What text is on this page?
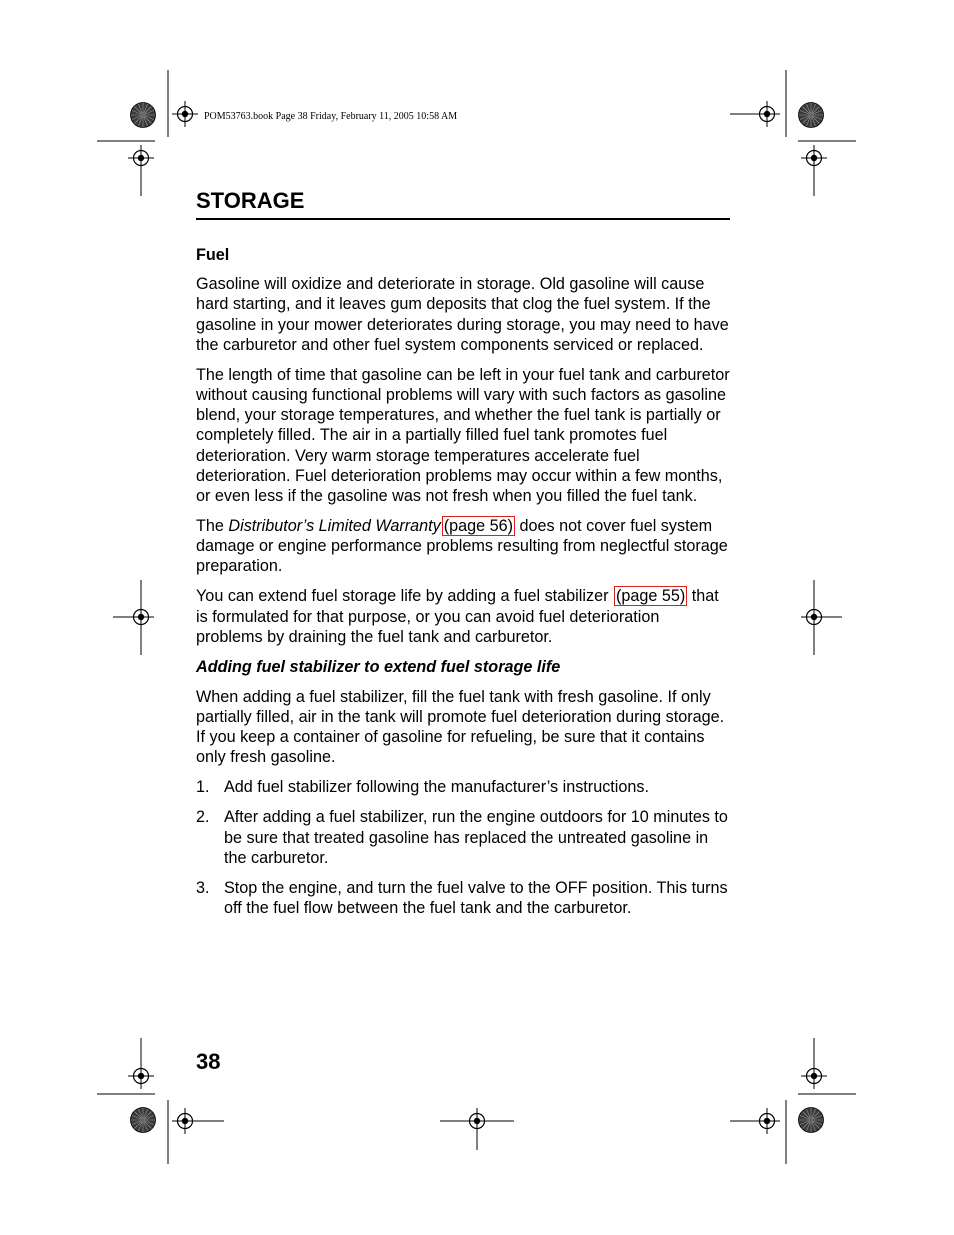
POM53763.book Page 38 Friday, February 11, 2005 10:58 AM
STORAGE
Fuel

Gasoline will oxidize and deteriorate in storage. Old gasoline will cause hard starting, and it leaves gum deposits that clog the fuel system. If the gasoline in your mower deteriorates during storage, you may need to have the carburetor and other fuel system components serviced or replaced.

The length of time that gasoline can be left in your fuel tank and carburetor without causing functional problems will vary with such factors as gasoline blend, your storage temperatures, and whether the fuel tank is partially or completely filled. The air in a partially filled fuel tank promotes fuel deterioration. Very warm storage temperatures accelerate fuel deterioration. Fuel deterioration problems may occur within a few months, or even less if the gasoline was not fresh when you filled the fuel tank.

The Distributor’s Limited Warranty (page 56) does not cover fuel system damage or engine performance problems resulting from neglectful storage preparation.

You can extend fuel storage life by adding a fuel stabilizer (page 55) that is formulated for that purpose, or you can avoid fuel deterioration problems by draining the fuel tank and carburetor.

Adding fuel stabilizer to extend fuel storage life

When adding a fuel stabilizer, fill the fuel tank with fresh gasoline. If only partially filled, air in the tank will promote fuel deterioration during storage. If you keep a container of gasoline for refueling, be sure that it contains only fresh gasoline.

1. Add fuel stabilizer following the manufacturer’s instructions.
2. After adding a fuel stabilizer, run the engine outdoors for 10 minutes to be sure that treated gasoline has replaced the untreated gasoline in the carburetor.
3. Stop the engine, and turn the fuel valve to the OFF position. This turns off the fuel flow between the fuel tank and the carburetor.
38
